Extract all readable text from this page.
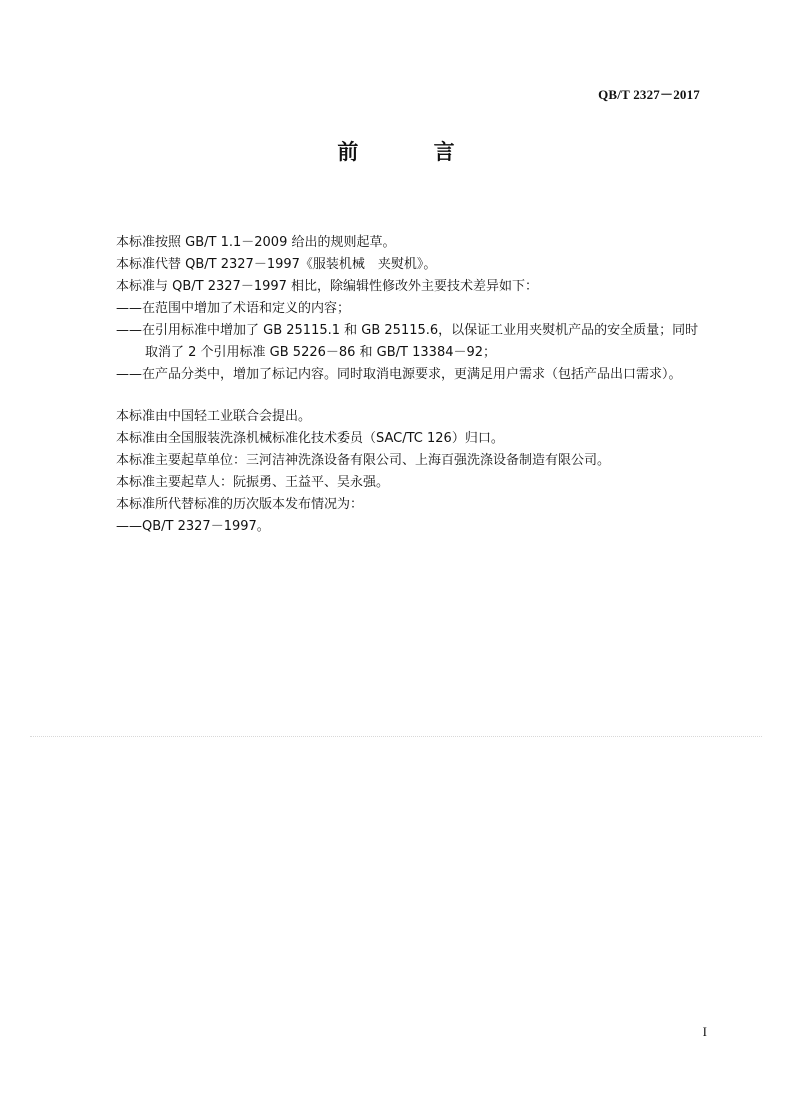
QB/T 2327－2017
前 言

本标准按照 GB/T 1.1－2009 给出的规则起草。

本标准代替 QB/T 2327－1997《服装机械　夹熨机》。

本标准与 QB/T 2327－1997 相比，除编辑性修改外主要技术差异如下：

——在范围中增加了术语和定义的内容；

——在引用标准中增加了 GB 25115.1 和 GB 25115.6，以保证工业用夹熨机产品的安全质量；同时

取消了 2 个引用标准 GB 5226－86 和 GB/T 13384－92；

——在产品分类中，增加了标记内容。同时取消电源要求，更满足用户需求（包括产品出口需求）。

本标准由中国轻工业联合会提出。

本标准由全国服装洗涤机械标准化技术委员（SAC/TC 126）归口。

本标准主要起草单位：三河洁神洗涤设备有限公司、上海百强洗涤设备制造有限公司。

本标准主要起草人：阮振勇、王益平、吴永强。

本标准所代替标准的历次版本发布情况为：

——QB/T 2327－1997。

I
